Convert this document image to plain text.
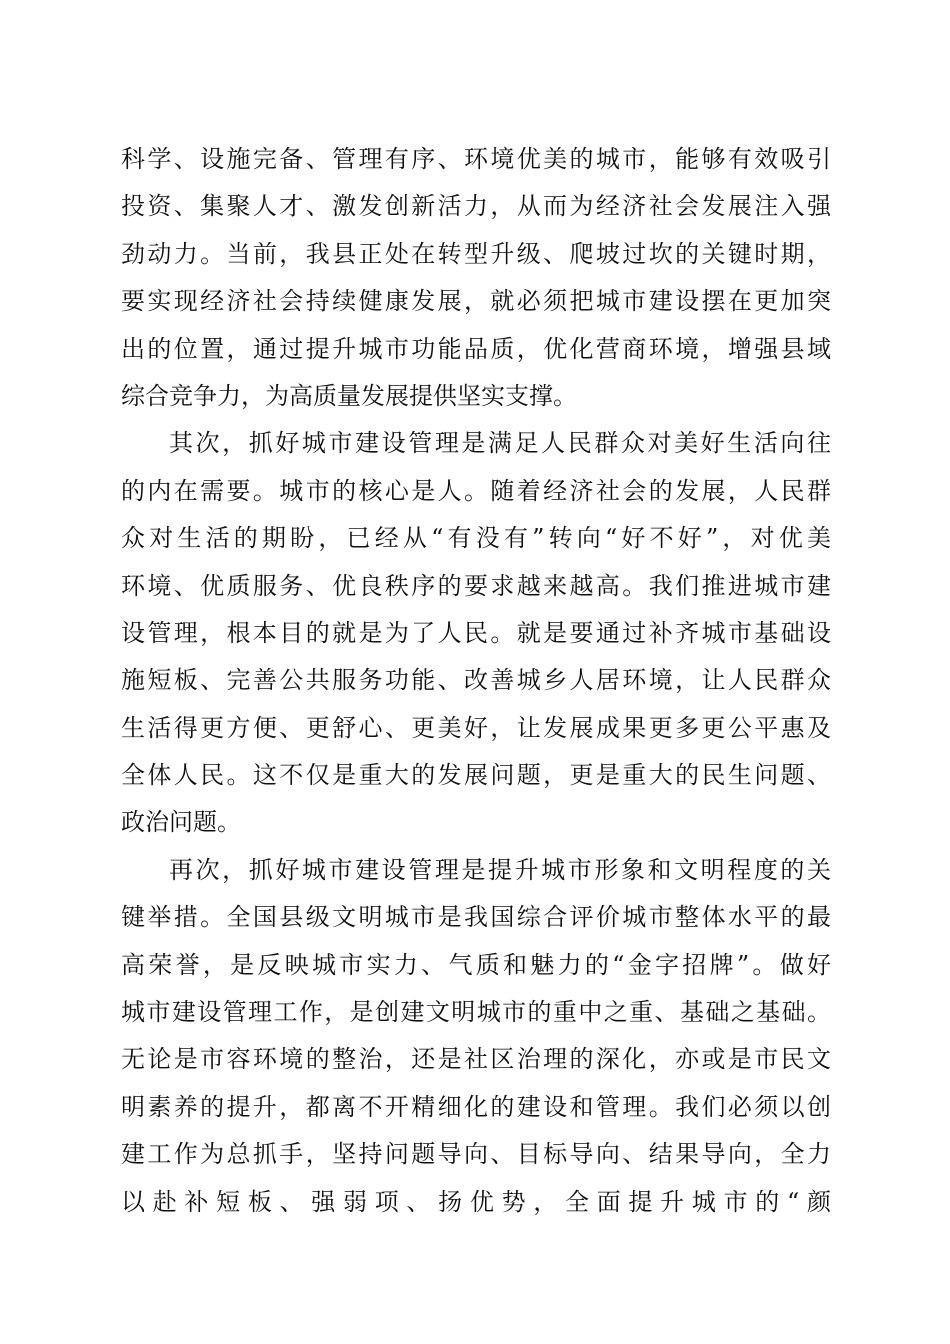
科学、设施完备、管理有序、环境优美的城市，能够有效吸引
投资、集聚人才、激发创新活力，从而为经济社会发展注入强
劲动力。当前，我县正处在转型升级、爬坡过坎的关键时期，
要实现经济社会持续健康发展，就必须把城市建设摆在更加突
出的位置，通过提升城市功能品质，优化营商环境，增强县域
综合竞争力，为高质量发展提供坚实支撑。
其次，抓好城市建设管理是满足人民群众对美好生活向往
的内在需要。城市的核心是人。随着经济社会的发展，人民群
众对生活的期盼，已经从“有没有”转向“好不好”，对优美
环境、优质服务、优良秩序的要求越来越高。我们推进城市建
设管理，根本目的就是为了人民。就是要通过补齐城市基础设
施短板、完善公共服务功能、改善城乡人居环境，让人民群众
生活得更方便、更舒心、更美好，让发展成果更多更公平惠及
全体人民。这不仅是重大的发展问题，更是重大的民生问题、
政治问题。
再次，抓好城市建设管理是提升城市形象和文明程度的关
键举措。全国县级文明城市是我国综合评价城市整体水平的最
高荣誉，是反映城市实力、气质和魅力的“金字招牌”。做好
城市建设管理工作，是创建文明城市的重中之重、基础之基础。
无论是市容环境的整治，还是社区治理的深化，亦或是市民文
明素养的提升，都离不开精细化的建设和管理。我们必须以创
建工作为总抓手，坚持问题导向、目标导向、结果导向，全力
以赴补短板、强弱项、扬优势，全面提升城市的“颜
